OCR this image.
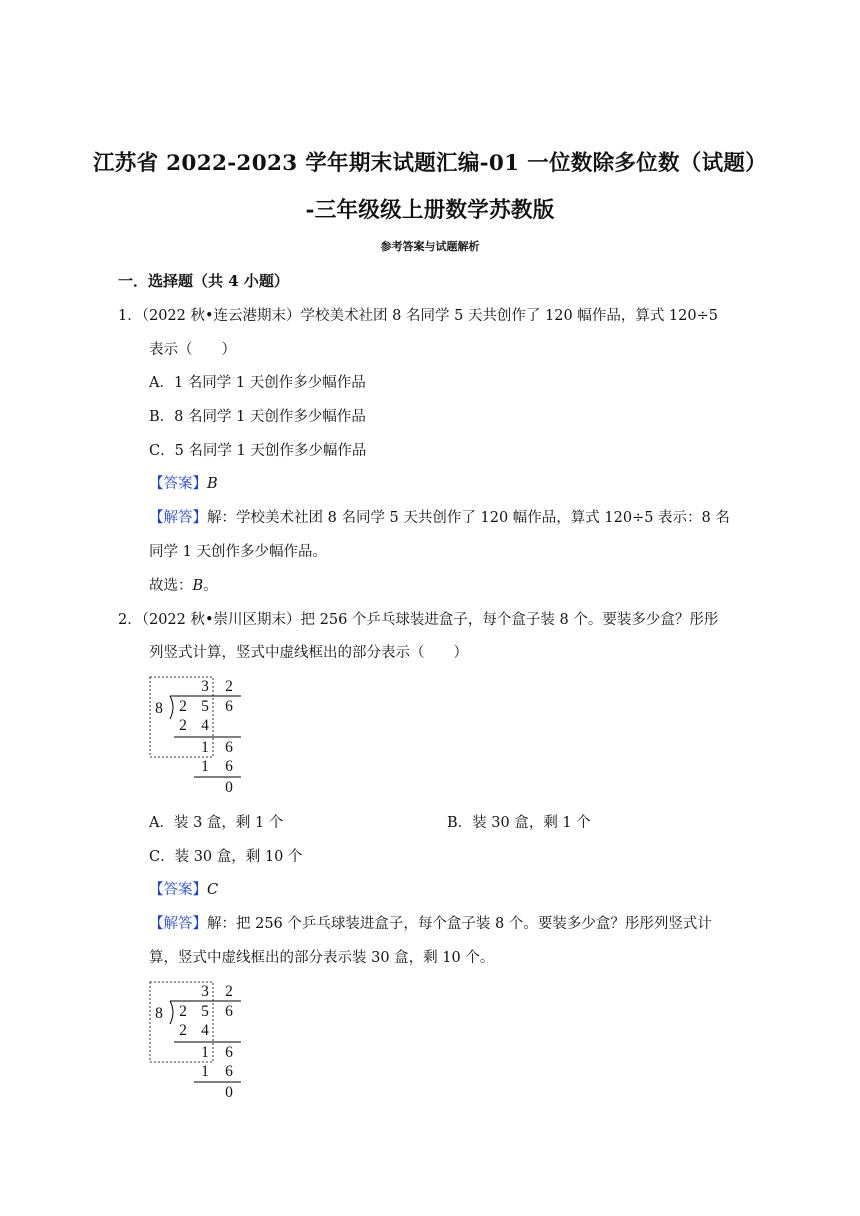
江苏省 2022-2023 学年期末试题汇编-01 一位数除多位数（试题）
-三年级级上册数学苏教版
参考答案与试题解析
一．选择题（共 4 小题）
1．（2022 秋•连云港期末）学校美术社团 8 名同学 5 天共创作了 120 幅作品，算式 120÷5
表示（　　）
A．1 名同学 1 天创作多少幅作品
B．8 名同学 1 天创作多少幅作品
C．5 名同学 1 天创作多少幅作品
【答案】B
【解答】解：学校美术社团 8 名同学 5 天共创作了 120 幅作品，算式 120÷5 表示：8 名
同学 1 天创作多少幅作品。
故选：B。
2．（2022 秋•崇川区期末）把 256 个乒乓球装进盒子，每个盒子装 8 个。要装多少盒？彤彤
列竖式计算，竖式中虚线框出的部分表示（　　）
3 2
8 2 5 6
2 4
1 6
1 6
0
A．装 3 盒，剩 1 个	B．装 30 盒，剩 1 个
C．装 30 盒，剩 10 个
【答案】C
【解答】解：把 256 个乒乓球装进盒子，每个盒子装 8 个。要装多少盒？彤彤列竖式计
算，竖式中虚线框出的部分表示装 30 盒，剩 10 个。
3 2
8 2 5 6
2 4
1 6
1 6
0
